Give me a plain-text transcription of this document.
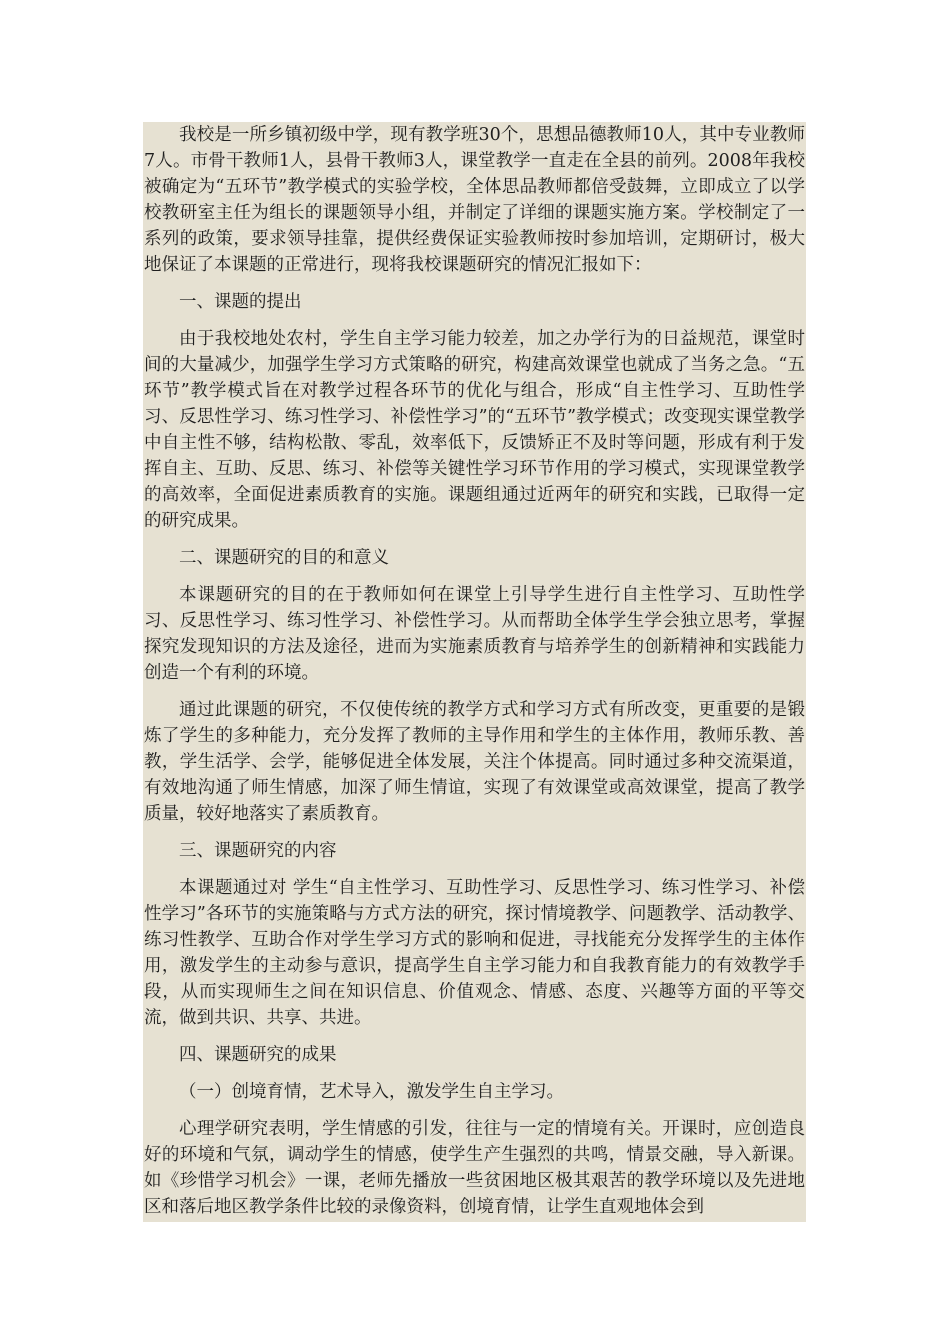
我校是一所乡镇初级中学，现有教学班30个，思想品德教师10人，其中专业教师7人。市骨干教师1人，县骨干教师3人，课堂教学一直走在全县的前列。2008年我校被确定为“五环节”教学模式的实验学校，全体思品教师都倍受鼓舞，立即成立了以学校教研室主任为组长的课题领导小组，并制定了详细的课题实施方案。学校制定了一系列的政策，要求领导挂靠，提供经费保证实验教师按时参加培训，定期研讨，极大地保证了本课题的正常进行，现将我校课题研究的情况汇报如下：

一、课题的提出

由于我校地处农村，学生自主学习能力较差，加之办学行为的日益规范，课堂时间的大量减少，加强学生学习方式策略的研究，构建高效课堂也就成了当务之急。“五环节”教学模式旨在对教学过程各环节的优化与组合，形成“自主性学习、互助性学习、反思性学习、练习性学习、补偿性学习”的“五环节”教学模式；改变现实课堂教学中自主性不够，结构松散、零乱，效率低下，反馈矫正不及时等问题，形成有利于发挥自主、互助、反思、练习、补偿等关键性学习环节作用的学习模式，实现课堂教学的高效率，全面促进素质教育的实施。课题组通过近两年的研究和实践，已取得一定的研究成果。

二、课题研究的目的和意义

本课题研究的目的在于教师如何在课堂上引导学生进行自主性学习、互助性学习、反思性学习、练习性学习、补偿性学习。从而帮助全体学生学会独立思考，掌握探究发现知识的方法及途径，进而为实施素质教育与培养学生的创新精神和实践能力创造一个有利的环境。

通过此课题的研究，不仅使传统的教学方式和学习方式有所改变，更重要的是锻炼了学生的多种能力，充分发挥了教师的主导作用和学生的主体作用，教师乐教、善教，学生活学、会学，能够促进全体发展，关注个体提高。同时通过多种交流渠道，有效地沟通了师生情感，加深了师生情谊，实现了有效课堂或高效课堂，提高了教学质量，较好地落实了素质教育。

三、课题研究的内容

本课题通过对 学生“自主性学习、互助性学习、反思性学习、练习性学习、补偿性学习”各环节的实施策略与方式方法的研究，探讨情境教学、问题教学、活动教学、练习性教学、互助合作对学生学习方式的影响和促进，寻找能充分发挥学生的主体作用，激发学生的主动参与意识，提高学生自主学习能力和自我教育能力的有效教学手段，从而实现师生之间在知识信息、价值观念、情感、态度、兴趣等方面的平等交流，做到共识、共享、共进。

四、课题研究的成果

（一）创境育情，艺术导入，激发学生自主学习。

心理学研究表明，学生情感的引发，往往与一定的情境有关。开课时，应创造良好的环境和气氛，调动学生的情感，使学生产生强烈的共鸣，情景交融，导入新课。如《珍惜学习机会》一课，老师先播放一些贫困地区极其艰苦的教学环境以及先进地区和落后地区教学条件比较的录像资料，创境育情，让学生直观地体会到
